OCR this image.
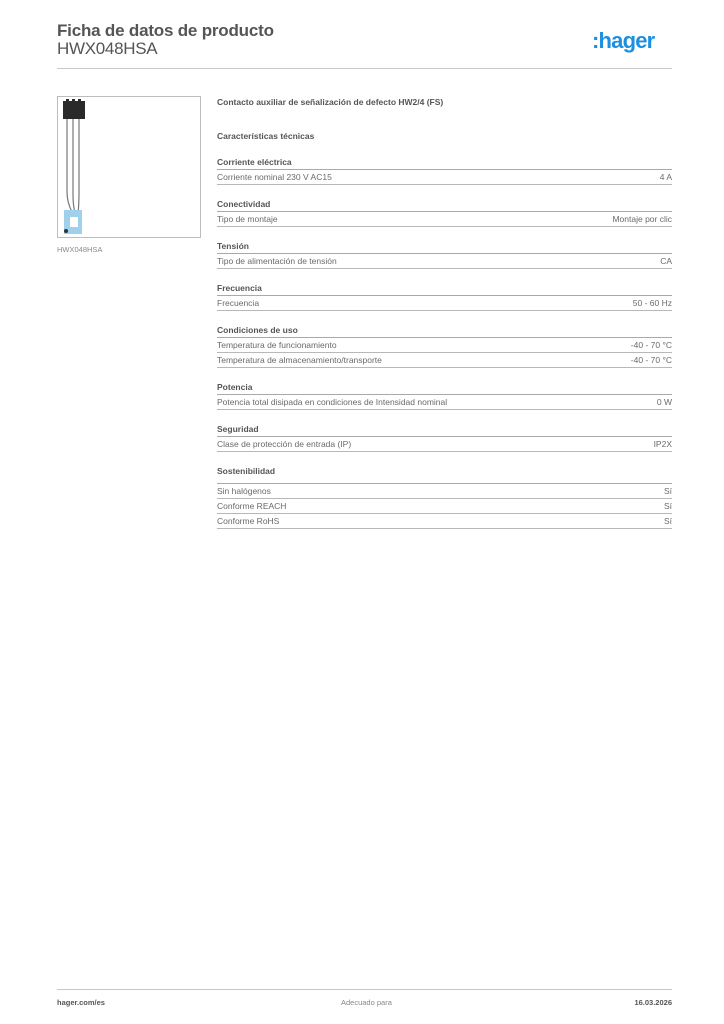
Ficha de datos de producto
HWX048HSA	:hager
HWX048HSA
Contacto auxiliar de señalización de defecto HW2/4 (FS)
Características técnicas
Corriente eléctrica
Corriente nominal 230 V AC15	4 A
Conectividad
Tipo de montaje	Montaje por clic
Tensión
Tipo de alimentación de tensión	CA
Frecuencia
Frecuencia	50 - 60 Hz
Condiciones de uso
Temperatura de funcionamiento	-40 - 70 °C
Temperatura de almacenamiento/transporte	-40 - 70 °C
Potencia
Potencia total disipada en condiciones de Intensidad nominal	0 W
Seguridad
Clase de protección de entrada (IP)	IP2X
Sostenibilidad
Sin halógenos	Sí
Conforme REACH	Sí
Conforme RoHS	Sí
hager.com/es	Adecuado para	16.03.2026
